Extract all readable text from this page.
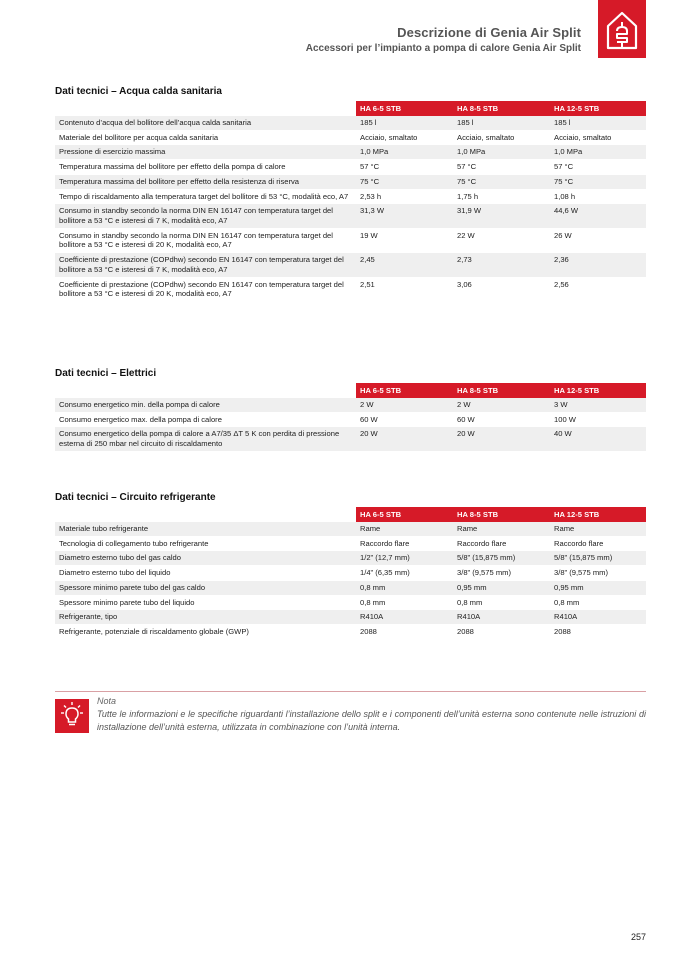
Descrizione di Genia Air Split
Accessori per l’impianto a pompa di calore Genia Air Split
Dati tecnici – Acqua calda sanitaria
	HA 6-5 STB	HA 8-5 STB	HA 12-5 STB
Contenuto d’acqua del bollitore dell’acqua calda sanitaria	185 l	185 l	185 l
Materiale del bollitore per acqua calda sanitaria	Acciaio, smaltato	Acciaio, smaltato	Acciaio, smaltato
Pressione di esercizio massima	1,0 MPa	1,0 MPa	1,0 MPa
Temperatura massima del bollitore per effetto della pompa di calore	57 °C	57 °C	57 °C
Temperatura massima del bollitore per effetto della resistenza di riserva	75 °C	75 °C	75 °C
Tempo di riscaldamento alla temperatura target del bollitore di 53 °C, modalità eco, A7	2,53 h	1,75 h	1,08 h
Consumo in standby secondo la norma DIN EN 16147 con temperatura target del bollitore a 53 °C e isteresi di 7 K, modalità eco, A7	31,3 W	31,9 W	44,6 W
Consumo in standby secondo la norma DIN EN 16147 con temperatura target del bollitore a 53 °C e isteresi di 20 K, modalità eco, A7	19 W	22 W	26 W
Coefficiente di prestazione (COPdhw) secondo EN 16147 con temperatura target del bollitore a 53 °C e isteresi di 7 K, modalità eco, A7	2,45	2,73	2,36
Coefficiente di prestazione (COPdhw) secondo EN 16147 con temperatura target del bollitore a 53 °C e isteresi di 20 K, modalità eco, A7	2,51	3,06	2,56
Dati tecnici – Elettrici
	HA 6-5 STB	HA 8-5 STB	HA 12-5 STB
Consumo energetico min. della pompa di calore	2 W	2 W	3 W
Consumo energetico max. della pompa di calore	60 W	60 W	100 W
Consumo energetico della pompa di calore a A7/35 ΔT 5 K con perdita di pressione esterna di 250 mbar nel circuito di riscaldamento	20 W	20 W	40 W
Dati tecnici – Circuito refrigerante
	HA 6-5 STB	HA 8-5 STB	HA 12-5 STB
Materiale tubo refrigerante	Rame	Rame	Rame
Tecnologia di collegamento tubo refrigerante	Raccordo flare	Raccordo flare	Raccordo flare
Diametro esterno tubo del gas caldo	1/2” (12,7 mm)	5/8” (15,875 mm)	5/8” (15,875 mm)
Diametro esterno tubo del liquido	1/4” (6,35 mm)	3/8” (9,575 mm)	3/8” (9,575 mm)
Spessore minimo parete tubo del gas caldo	0,8 mm	0,95 mm	0,95 mm
Spessore minimo parete tubo del liquido	0,8 mm	0,8 mm	0,8 mm
Refrigerante, tipo	R410A	R410A	R410A
Refrigerante, potenziale di riscaldamento globale (GWP)	2088	2088	2088
Nota
Tutte le informazioni e le specifiche riguardanti l’installazione dello split e i componenti dell’unità esterna sono contenute nelle istruzioni di installazione dell’unità esterna, utilizzata in combinazione con l’unità interna.
257
